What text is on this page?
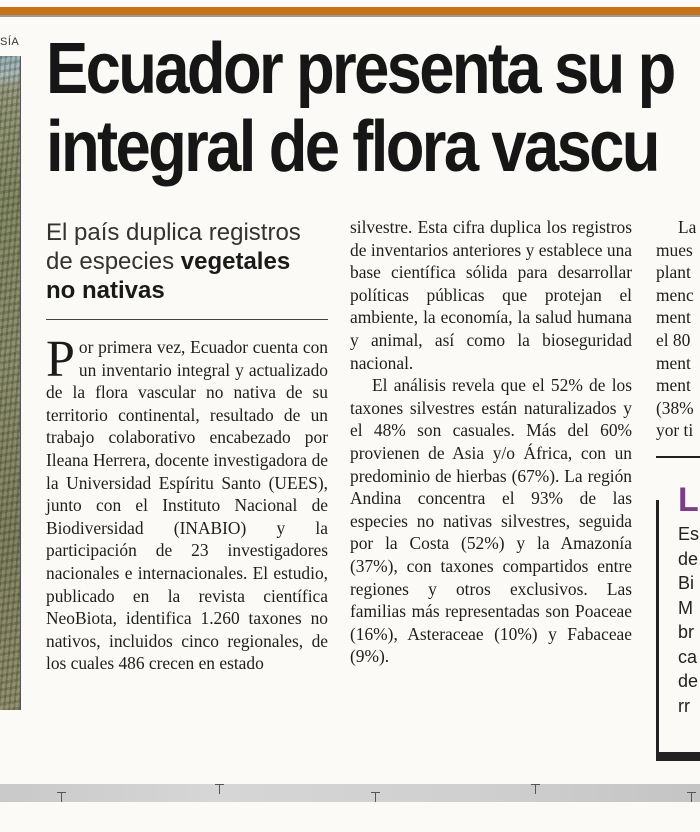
SÍA Ecuador presenta su p
integral de flora vascu
El país duplica registros
de especies vegetales
no nativas

Por primera vez, Ecuador cuenta con un inventario integral y actualizado de la flora vascular no nativa de su territorio continental, resultado de un trabajo colaborativo encabezado por Ileana Herrera, docente investigadora de la Universidad Espíritu Santo (UEES), junto con el Instituto Nacional de Biodiversidad (INABIO) y la participación de 23 investigadores nacionales e internacionales. El estudio, publicado en la revista científica NeoBiota, identifica 1.260 taxones no nativos, incluidos cinco regionales, de los cuales 486 crecen en estado

silvestre. Esta cifra duplica los registros de inventarios anteriores y establece una base científica sólida para desarrollar políticas públicas que protejan el ambiente, la economía, la salud humana y animal, así como la bioseguridad nacional.

El análisis revela que el 52% de los taxones silvestres están naturalizados y el 48% son casuales. Más del 60% provienen de Asia y/o África, con un predominio de hierbas (67%). La región Andina concentra el 93% de las especies no nativas silvestres, seguida por la Costa (52%) y la Amazonía (37%), con taxones compartidos entre regiones y otros exclusivos. Las familias más representadas son Poaceae (16%), Asteraceae (10%) y Fabaceae (9%).

La
mues
plant
menc
ment
el 80
ment
ment
(38%
yor ti
L
Es
de
Bi
M
br
ca
de
rr
